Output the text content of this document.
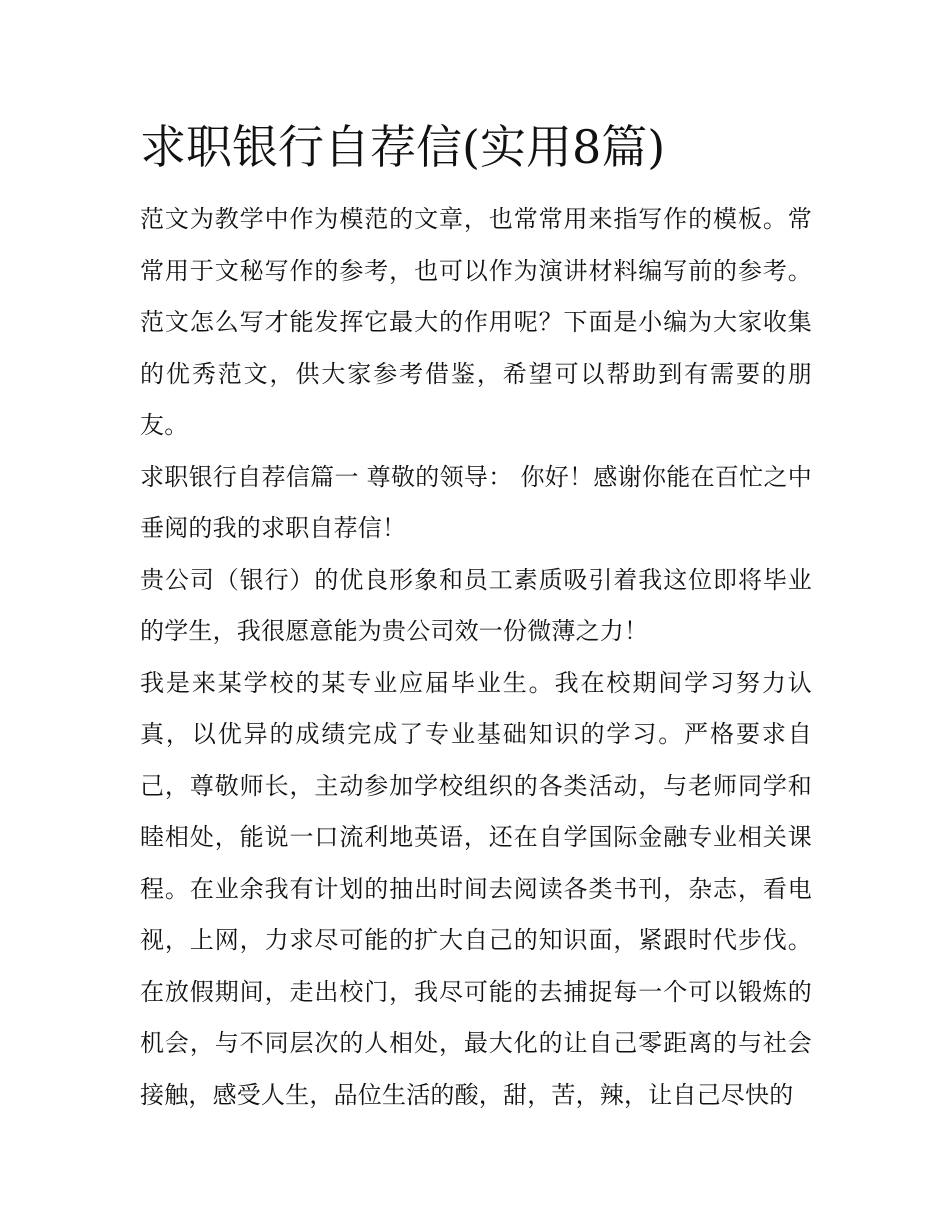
求职银行自荐信(实用8篇)

范文为教学中作为模范的文章，也常常用来指写作的模板。常常用于文秘写作的参考，也可以作为演讲材料编写前的参考。范文怎么写才能发挥它最大的作用呢？下面是小编为大家收集的优秀范文，供大家参考借鉴，希望可以帮助到有需要的朋友。

求职银行自荐信篇一 尊敬的领导： 你好！感谢你能在百忙之中垂阅的我的求职自荐信！

贵公司（银行）的优良形象和员工素质吸引着我这位即将毕业的学生，我很愿意能为贵公司效一份微薄之力！

我是来某学校的某专业应届毕业生。我在校期间学习努力认真，以优异的成绩完成了专业基础知识的学习。严格要求自己，尊敬师长，主动参加学校组织的各类活动，与老师同学和睦相处，能说一口流利地英语，还在自学国际金融专业相关课程。在业余我有计划的抽出时间去阅读各类书刊，杂志，看电视，上网，力求尽可能的扩大自己的知识面，紧跟时代步伐。在放假期间，走出校门，我尽可能的去捕捉每一个可以锻炼的机会，与不同层次的人相处，最大化的让自己零距离的与社会接触，感受人生，品位生活的酸，甜，苦，辣，让自己尽快的
